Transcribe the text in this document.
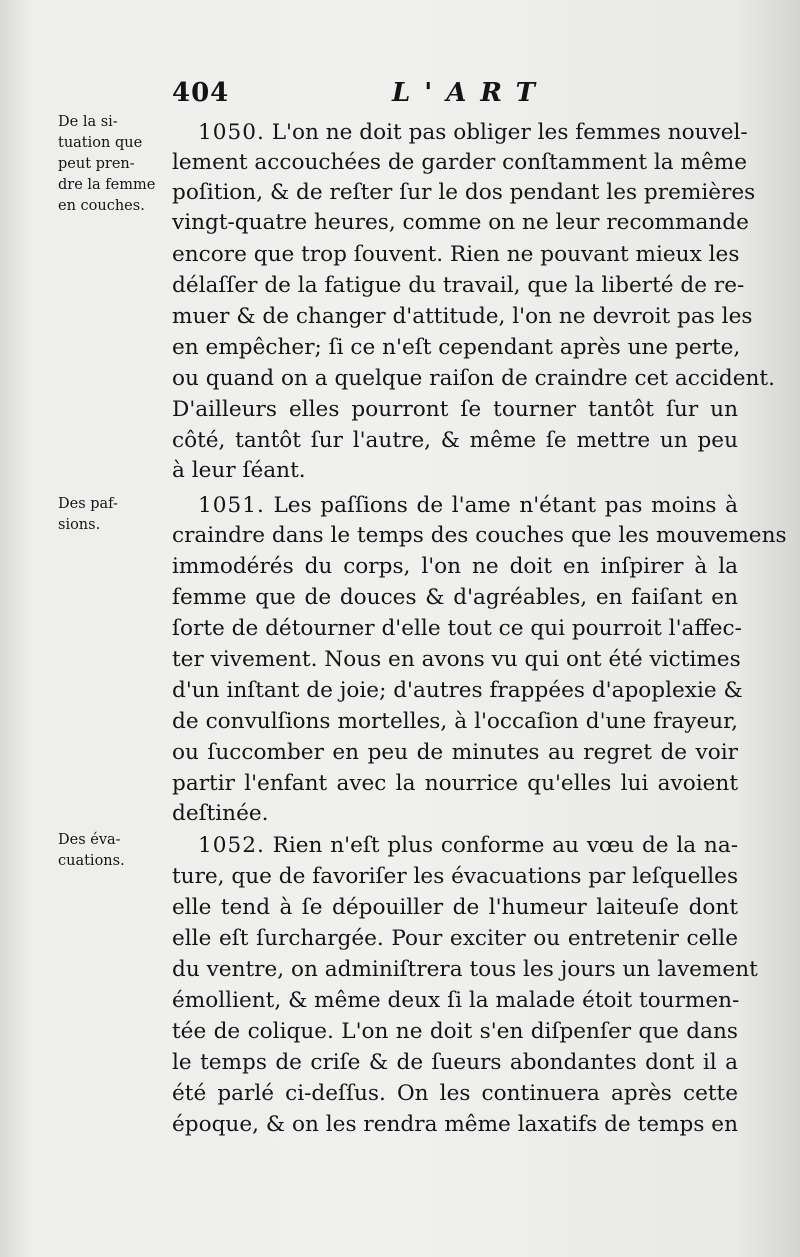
404	L'ART
De la si-
tuation que
peut pren-
dre la femme
en couches.
Des paf-
sions.
Des éva-
cuations.
1050. L'on ne doit pas obliger les femmes nouvel-
lement accouchées de garder conſtamment la même
poſition, & de reſter ſur le dos pendant les premières
vingt-quatre heures, comme on ne leur recommande
encore que trop ſouvent. Rien ne pouvant mieux les
délaſſer de la fatigue du travail, que la liberté de re-
muer & de changer d'attitude, l'on ne devroit pas les
en empêcher; ſi ce n'eſt cependant après une perte,
ou quand on a quelque raiſon de craindre cet accident.
D'ailleurs elles pourront ſe tourner tantôt ſur un
côté, tantôt ſur l'autre, & même ſe mettre un peu
à leur ſéant.
1051. Les paſſions de l'ame n'étant pas moins à
craindre dans le temps des couches que les mouvemens
immodérés du corps, l'on ne doit en inſpirer à la
femme que de douces & d'agréables, en faiſant en
ſorte de détourner d'elle tout ce qui pourroit l'affec-
ter vivement. Nous en avons vu qui ont été victimes
d'un inſtant de joie; d'autres frappées d'apoplexie &
de convulſions mortelles, à l'occaſion d'une frayeur,
ou ſuccomber en peu de minutes au regret de voir
partir l'enfant avec la nourrice qu'elles lui avoient
deſtinée.
1052. Rien n'eſt plus conforme au vœu de la na-
ture, que de favoriſer les évacuations par leſquelles
elle tend à ſe dépouiller de l'humeur laiteuſe dont
elle eſt ſurchargée. Pour exciter ou entretenir celle
du ventre, on adminiſtrera tous les jours un lavement
émollient, & même deux ſi la malade étoit tourmen-
tée de colique. L'on ne doit s'en diſpenſer que dans
le temps de criſe & de ſueurs abondantes dont il a
été parlé ci-deſſus. On les continuera après cette
époque, & on les rendra même laxatifs de temps en
